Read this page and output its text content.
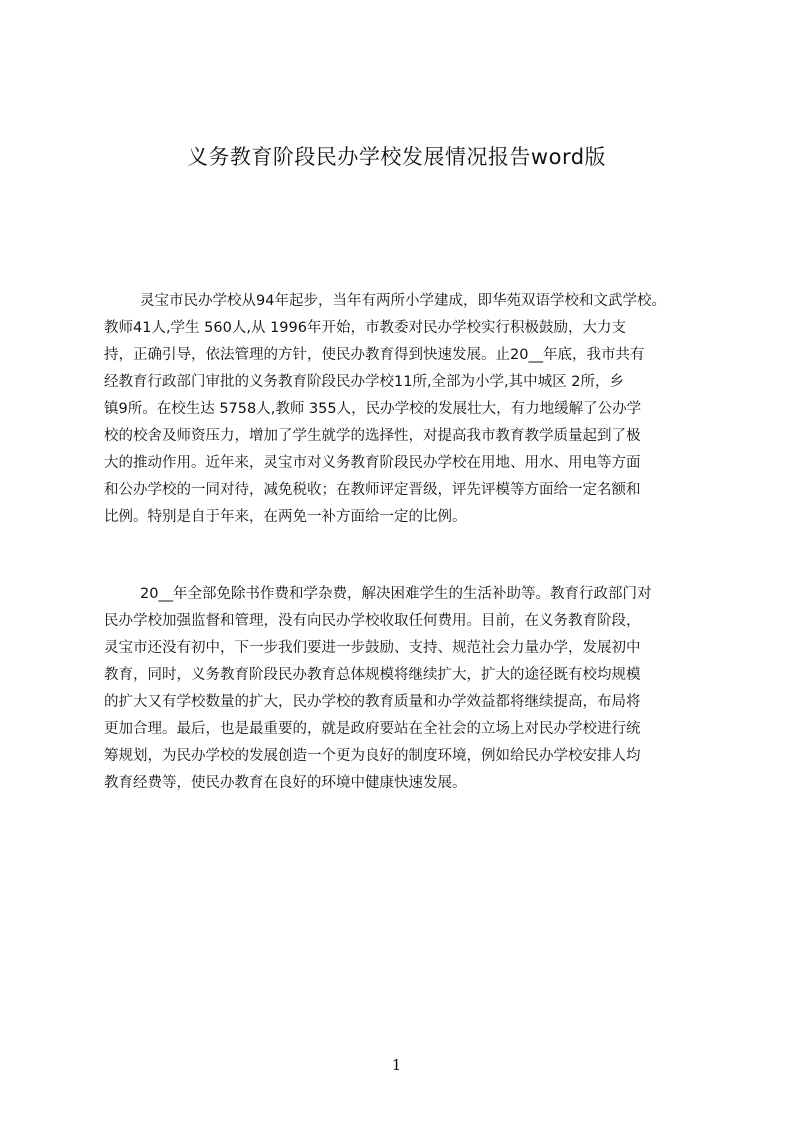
义务教育阶段民办学校发展情况报告word版
灵宝市民办学校从94年起步，当年有两所小学建成，即华苑双语学校和文武学校。
教师41人,学生 560人,从 1996年开始，市教委对民办学校实行积极鼓励，大力支
持，正确引导，依法管理的方针，使民办教育得到快速发展。止20__年底，我市共有
经教育行政部门审批的义务教育阶段民办学校11所,全部为小学,其中城区 2所，乡
镇9所。在校生达 5758人,教师 355人，民办学校的发展壮大，有力地缓解了公办学
校的校舍及师资压力，增加了学生就学的选择性，对提高我市教育教学质量起到了极
大的推动作用。近年来，灵宝市对义务教育阶段民办学校在用地、用水、用电等方面
和公办学校的一同对待，减免税收；在教师评定晋级，评先评模等方面给一定名额和
比例。特别是自于年来，在两免一补方面给一定的比例。
20__年全部免除书作费和学杂费，解决困难学生的生活补助等。教育行政部门对
民办学校加强监督和管理，没有向民办学校收取任何费用。目前，在义务教育阶段，
灵宝市还没有初中，下一步我们要进一步鼓励、支持、规范社会力量办学，发展初中
教育，同时，义务教育阶段民办教育总体规模将继续扩大，扩大的途径既有校均规模
的扩大又有学校数量的扩大，民办学校的教育质量和办学效益都将继续提高，布局将
更加合理。最后，也是最重要的，就是政府要站在全社会的立场上对民办学校进行统
筹规划，为民办学校的发展创造一个更为良好的制度环境，例如给民办学校安排人均
教育经费等，使民办教育在良好的环境中健康快速发展。
1
